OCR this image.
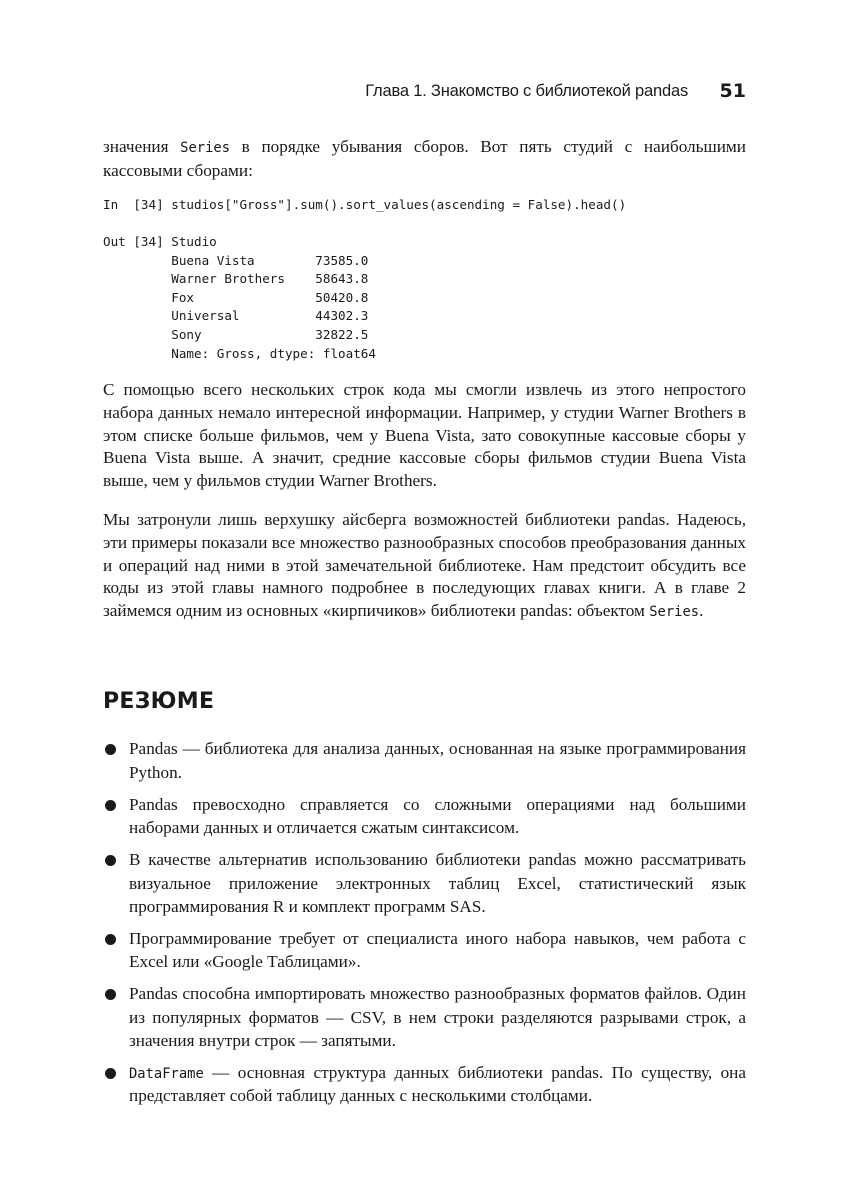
Глава 1. Знакомство с библиотекой pandas 51

значения Series в порядке убывания сборов. Вот пять студий с наибольшими кассовыми сборами:

In  [34] studios["Gross"].sum().sort_values(ascending = False).head()
Out [34] Studio
Buena Vista        73585.0
Warner Brothers    58643.8
Fox                50420.8
Universal          44302.3
Sony               32822.5
Name: Gross, dtype: float64

С помощью всего нескольких строк кода мы смогли извлечь из этого непростого набора данных немало интересной информации. Например, у студии Warner Brothers в этом списке больше фильмов, чем у Buena Vista, зато совокупные кассовые сборы у Buena Vista выше. А значит, средние кассовые сборы фильмов студии Buena Vista выше, чем у фильмов студии Warner Brothers.

Мы затронули лишь верхушку айсберга возможностей библиотеки pandas. Надеюсь, эти примеры показали все множество разнообразных способов преобразования данных и операций над ними в этой замечательной библиотеке. Нам предстоит обсудить все коды из этой главы намного подробнее в последующих главах книги. А в главе 2 займемся одним из основных «кирпичиков» библиотеки pandas: объектом Series.

РЕЗЮМЕ
Pandas — библиотека для анализа данных, основанная на языке программирования Python.
Pandas превосходно справляется со сложными операциями над большими наборами данных и отличается сжатым синтаксисом.
В качестве альтернатив использованию библиотеки pandas можно рассматривать визуальное приложение электронных таблиц Excel, статистический язык программирования R и комплект программ SAS.
Программирование требует от специалиста иного набора навыков, чем работа с Excel или «Google Таблицами».
Pandas способна импортировать множество разнообразных форматов файлов. Один из популярных форматов — CSV, в нем строки разделяются разрывами строк, а значения внутри строк — запятыми.
DataFrame — основная структура данных библиотеки pandas. По существу, она представляет собой таблицу данных с несколькими столбцами.
